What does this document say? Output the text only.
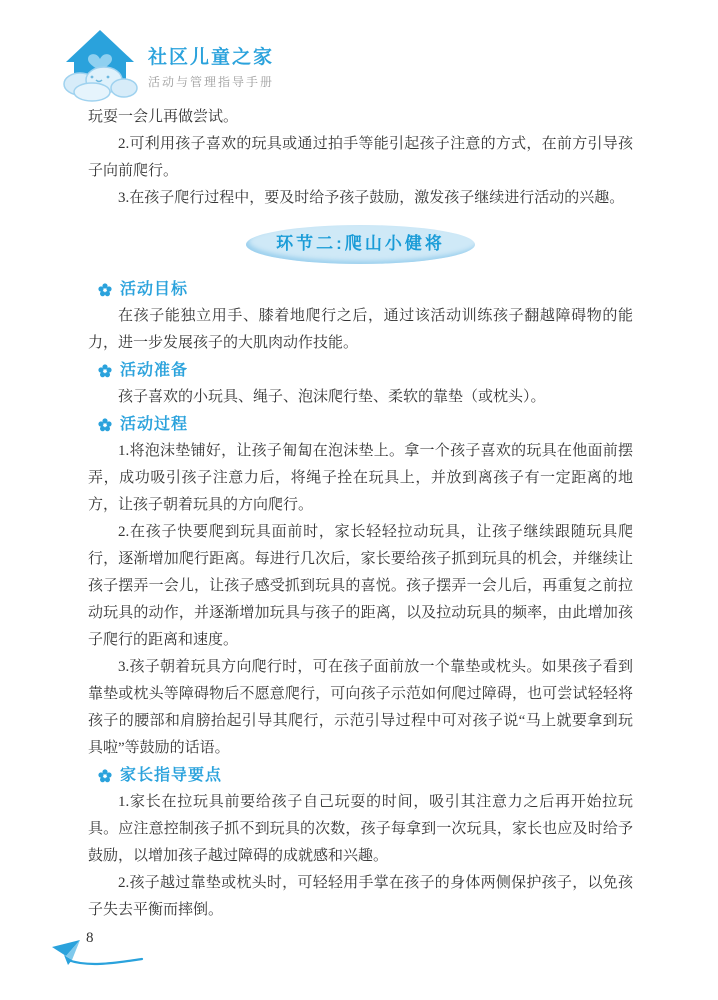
社区儿童之家
活动与管理指导手册

玩耍一会儿再做尝试。

2.可利用孩子喜欢的玩具或通过拍手等能引起孩子注意的方式，在前方引导孩子向前爬行。

3.在孩子爬行过程中，要及时给予孩子鼓励，激发孩子继续进行活动的兴趣。

环节二:爬山小健将
活动目标

在孩子能独立用手、膝着地爬行之后，通过该活动训练孩子翻越障碍物的能力，进一步发展孩子的大肌肉动作技能。

活动准备

孩子喜欢的小玩具、绳子、泡沫爬行垫、柔软的靠垫（或枕头）。

活动过程

1.将泡沫垫铺好，让孩子匍匐在泡沫垫上。拿一个孩子喜欢的玩具在他面前摆弄，成功吸引孩子注意力后，将绳子拴在玩具上，并放到离孩子有一定距离的地方，让孩子朝着玩具的方向爬行。

2.在孩子快要爬到玩具面前时，家长轻轻拉动玩具，让孩子继续跟随玩具爬行，逐渐增加爬行距离。每进行几次后，家长要给孩子抓到玩具的机会，并继续让孩子摆弄一会儿，让孩子感受抓到玩具的喜悦。孩子摆弄一会儿后，再重复之前拉动玩具的动作，并逐渐增加玩具与孩子的距离，以及拉动玩具的频率，由此增加孩子爬行的距离和速度。

3.孩子朝着玩具方向爬行时，可在孩子面前放一个靠垫或枕头。如果孩子看到靠垫或枕头等障碍物后不愿意爬行，可向孩子示范如何爬过障碍，也可尝试轻轻将孩子的腰部和肩膀抬起引导其爬行，示范引导过程中可对孩子说“马上就要拿到玩具啦”等鼓励的话语。

家长指导要点

1.家长在拉玩具前要给孩子自己玩耍的时间，吸引其注意力之后再开始拉玩具。应注意控制孩子抓不到玩具的次数，孩子每拿到一次玩具，家长也应及时给予鼓励，以增加孩子越过障碍的成就感和兴趣。

2.孩子越过靠垫或枕头时，可轻轻用手掌在孩子的身体两侧保护孩子，以免孩子失去平衡而摔倒。

8
